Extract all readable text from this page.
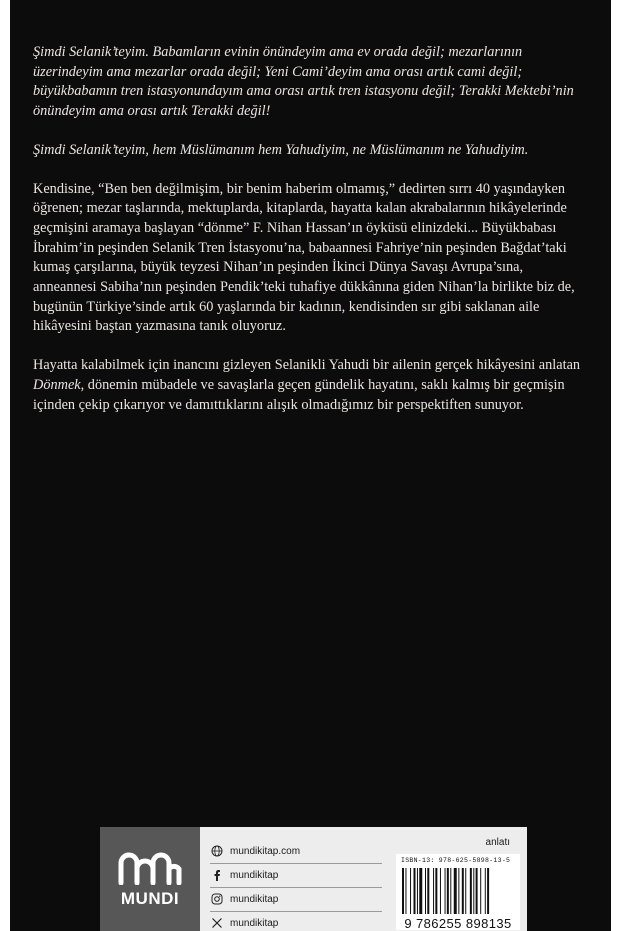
Şimdi Selanik’teyim. Babamların evinin önündeyim ama ev orada değil; mezarlarının üzerindeyim ama mezarlar orada değil; Yeni Cami’deyim ama orası artık cami değil; büyükbabamın tren istasyonundayım ama orası artık tren istasyonu değil; Terakki Mektebi’nin önündeyim ama orası artık Terakki değil!

Şimdi Selanik’teyim, hem Müslümanım hem Yahudiyim, ne Müslümanım ne Yahudiyim.

Kendisine, “Ben ben değilmişim, bir benim haberim olmamış,” dedirten sırrı 40 yaşındayken öğrenen; mezar taşlarında, mektuplarda, kitaplarda, hayatta kalan akrabalarının hikâyelerinde geçmişini aramaya başlayan “dönme” F. Nihan Hassan’ın öyküsü elinizdeki... Büyükbabası İbrahim’in peşinden Selanik Tren İstasyonu’na, babaannesi Fahriye’nin peşinden Bağdat’taki kumaş çarşılarına, büyük teyzesi Nihan’ın peşinden İkinci Dünya Savaşı Avrupa’sına, anneannesi Sabiha’nın peşinden Pendik’teki tuhafiye dükkânına giden Nihan’la birlikte biz de, bugünün Türkiye’sinde artık 60 yaşlarında bir kadının, kendisinden sır gibi saklanan aile hikâyesini baştan yazmasına tanık oluyoruz.

Hayatta kalabilmek için inancını gizleyen Selanikli Yahudi bir ailenin gerçek hikâyesini anlatan Dönmek, dönemin mübadele ve savaşlarla geçen gündelik hayatını, saklı kalmış bir geçmişin içinden çekip çıkarıyor ve damıttıklarını alışık olmadığımız bir perspektiften sunuyor.

MUNDI
mundikitap.com
mundikitap
mundikitap
mundikitap
anlatı
ISBN-13: 978-625-5898-13-5
9 786255 898135
